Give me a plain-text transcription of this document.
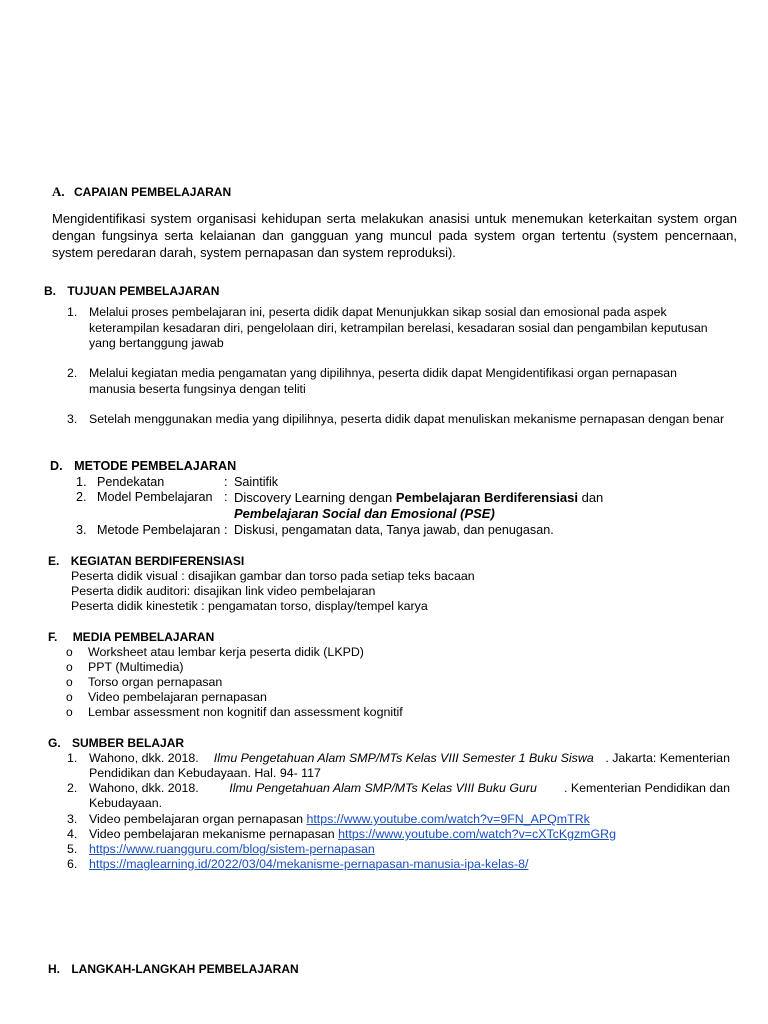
A. CAPAIAN PEMBELAJARAN
Mengidentifikasi system organisasi kehidupan serta melakukan anasisi untuk menemukan keterkaitan system organ dengan fungsinya serta kelaianan dan gangguan yang muncul pada system organ tertentu (system pencernaan, system peredaran darah, system pernapasan dan system reproduksi).
B. TUJUAN PEMBELAJARAN
1. Melalui proses pembelajaran ini, peserta didik dapat Menunjukkan sikap sosial dan emosional pada aspek
keterampilan kesadaran diri, pengelolaan diri, ketrampilan berelasi, kesadaran sosial dan pengambilan keputusan
yang bertanggung jawab
2. Melalui kegiatan media pengamatan yang dipilihnya, peserta didik dapat Mengidentifikasi organ pernapasan
manusia beserta fungsinya dengan teliti
3. Setelah menggunakan media yang dipilihnya, peserta didik dapat menuliskan mekanisme pernapasan dengan benar
D. METODE PEMBELAJARAN
1. Pendekatan	: Saintifik
2. Model Pembelajaran : Discovery Learning dengan Pembelajaran Berdiferensiasi dan
Pembelajaran Social dan Emosional (PSE)
3. Metode Pembelajaran : Diskusi, pengamatan data, Tanya jawab, dan penugasan.
E. KEGIATAN BERDIFERENSIASI
Peserta didik visual : disajikan gambar dan torso pada setiap teks bacaan
Peserta didik auditori: disajikan link video pembelajaran
Peserta didik kinestetik : pengamatan torso, display/tempel karya
F. MEDIA PEMBELAJARAN
o Worksheet atau lembar kerja peserta didik (LKPD)
o PPT (Multimedia)
o Torso organ pernapasan
o Video pembelajaran pernapasan
o Lembar assessment non kognitif dan assessment kognitif
G. SUMBER BELAJAR
1. Wahono, dkk. 2018. Ilmu Pengetahuan Alam SMP/MTs Kelas VIII Semester 1 Buku Siswa . Jakarta: Kementerian
Pendidikan dan Kebudayaan. Hal. 94- 117
2. Wahono, dkk. 2018. Ilmu Pengetahuan Alam SMP/MTs Kelas VIII Buku Guru . Kementerian Pendidikan dan
Kebudayaan.
3. Video pembelajaran organ pernapasan https://www.youtube.com/watch?v=9FN_APQmTRk
4. Video pembelajaran mekanisme pernapasan https://www.youtube.com/watch?v=cXTcKgzmGRg
5. https://www.ruangguru.com/blog/sistem-pernapasan
6. https://maglearning.id/2022/03/04/mekanisme-pernapasan-manusia-ipa-kelas-8/
H. LANGKAH-LANGKAH PEMBELAJARAN
